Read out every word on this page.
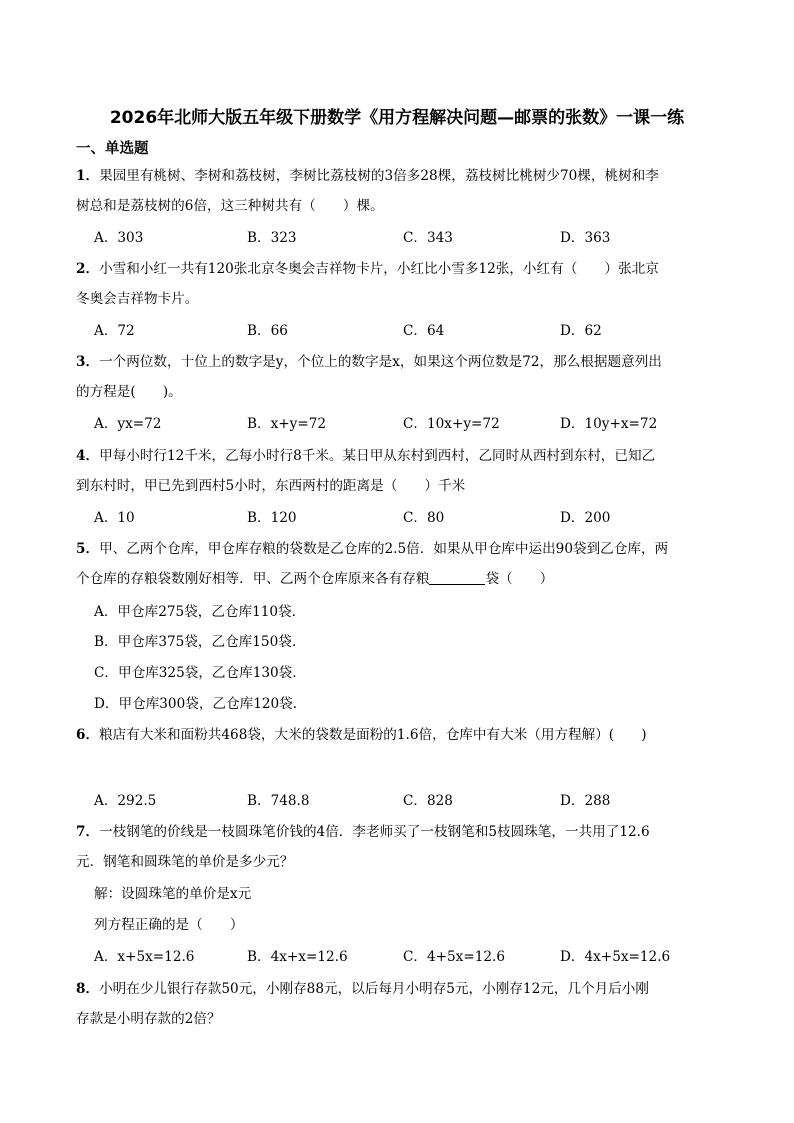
2026年北师大版五年级下册数学《用方程解决问题—邮票的张数》一课一练
一、单选题
1．果园里有桃树、李树和荔枝树，李树比荔枝树的3倍多28棵，荔枝树比桃树少70棵，桃树和李
树总和是荔枝树的6倍，这三种树共有（　　）棵。
A．303	B．323	C．343	D．363
2．小雪和小红一共有120张北京冬奥会吉祥物卡片，小红比小雪多12张，小红有（　　）张北京
冬奥会吉祥物卡片。
A．72	B．66	C．64	D．62
3．一个两位数，十位上的数字是y，个位上的数字是x，如果这个两位数是72，那么根据题意列出
的方程是(　　)。
A．yx=72	B．x+y=72	C．10x+y=72	D．10y+x=72
4．甲每小时行12千米，乙每小时行8千米。某日甲从东村到西村，乙同时从西村到东村，已知乙
到东村时，甲已先到西村5小时，东西两村的距离是（　　）千米
A．10	B．120	C．80	D．200
5．甲、乙两个仓库，甲仓库存粮的袋数是乙仓库的2.5倍．如果从甲仓库中运出90袋到乙仓库，两
个仓库的存粮袋数刚好相等．甲、乙两个仓库原来各有存粮	袋（　　）
A．甲仓库275袋，乙仓库110袋.
B．甲仓库375袋，乙仓库150袋.
C．甲仓库325袋，乙仓库130袋.
D．甲仓库300袋，乙仓库120袋.
6．粮店有大米和面粉共468袋，大米的袋数是面粉的1.6倍，仓库中有大米（用方程解）(　　)
A．292.5	B．748.8	C．828	D．288
7．一枝钢笔的价线是一枝圆珠笔价钱的4倍．李老师买了一枝钢笔和5枝圆珠笔，一共用了12.6
元．钢笔和圆珠笔的单价是多少元？
解：设圆珠笔的单价是x元
列方程正确的是（　　）
A．x+5x=12.6	B．4x+x=12.6	C．4+5x=12.6	D．4x+5x=12.6
8．小明在少儿银行存款50元，小刚存88元，以后每月小明存5元，小刚存12元，几个月后小刚
存款是小明存款的2倍？
